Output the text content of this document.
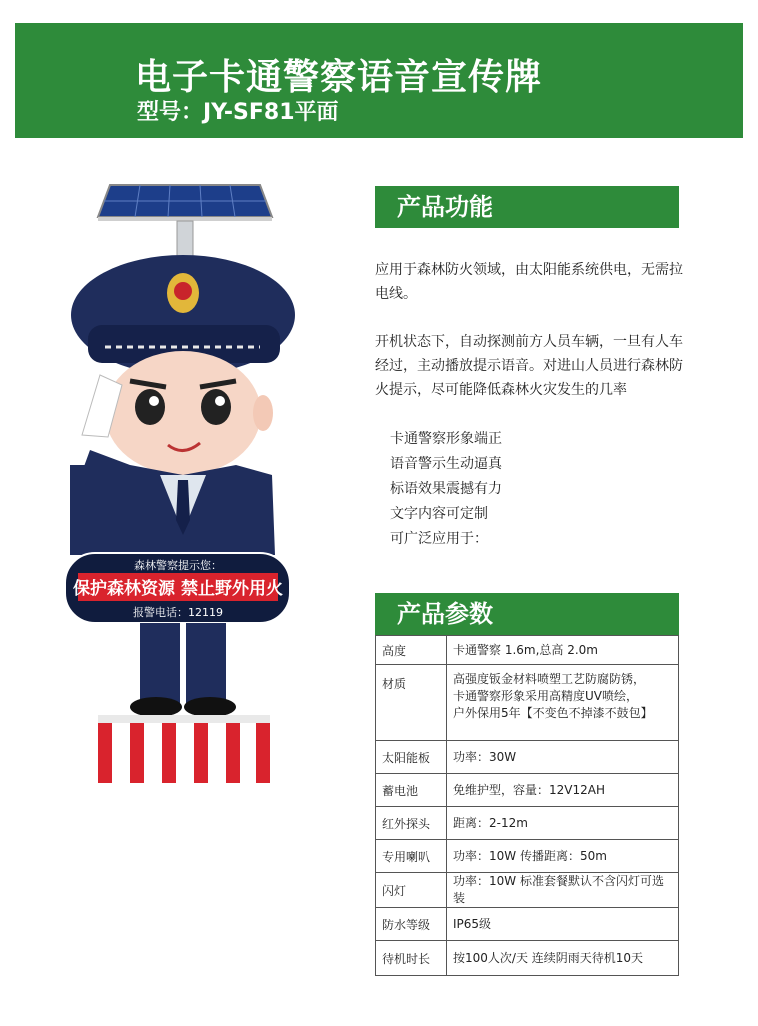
电子卡通警察语音宣传牌
型号：JY-SF81平面
森林警察提示您：
保护森林资源 禁止野外用火
报警电话：12119
产品功能
应用于森林防火领域，由太阳能系统供电，无需拉电线。
开机状态下，自动探测前方人员车辆，一旦有人车经过，主动播放提示语音。对进山人员进行森林防火提示，尽可能降低森林火灾发生的几率
卡通警察形象端正
语音警示生动逼真
标语效果震撼有力
文字内容可定制
可广泛应用于：
产品参数
高度	卡通警察 1.6m,总高 2.0m
材质	高强度钣金材料喷塑工艺防腐防锈，
卡通警察形象采用高精度UV喷绘，
户外保用5年【不变色不掉漆不鼓包】

太阳能板	功率：30W
蓄电池	免维护型，容量：12V12AH
红外探头	距离：2-12m
专用喇叭	功率：10W 传播距离：50m
闪灯	功率：10W 标准套餐默认不含闪灯可选装
防水等级	IP65级
待机时长	按100人次/天 连续阴雨天待机10天
